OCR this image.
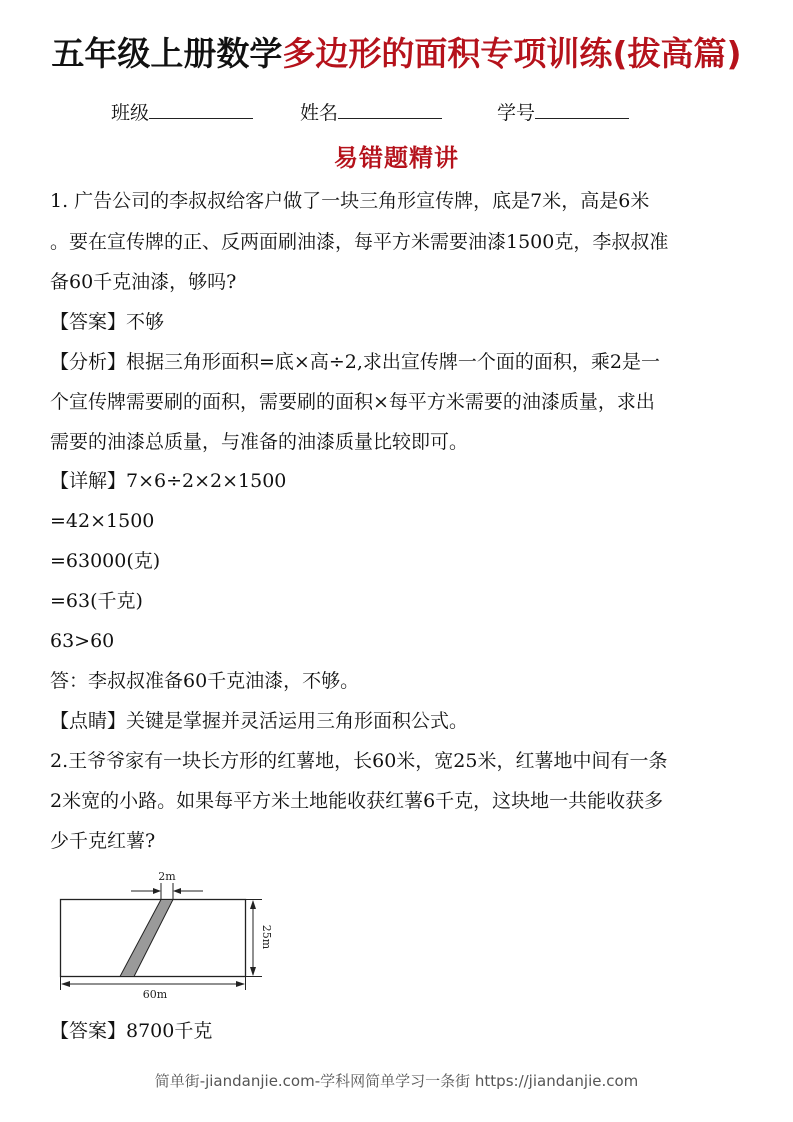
五年级上册数学多边形的面积专项训练(拔高篇)
班级	姓名	学号
易错题精讲
1. 广告公司的李叔叔给客户做了一块三角形宣传牌，底是7米，高是6米
。要在宣传牌的正、反两面刷油漆，每平方米需要油漆1500克，李叔叔准
备60千克油漆，够吗?
【答案】不够
【分析】根据三角形面积=底×高÷2,求出宣传牌一个面的面积，乘2是一
个宣传牌需要刷的面积，需要刷的面积×每平方米需要的油漆质量，求出
需要的油漆总质量，与准备的油漆质量比较即可。
【详解】7×6÷2×2×1500
=42×1500
=63000(克)
=63(千克)
63>60
答：李叔叔准备60千克油漆，不够。
【点睛】关键是掌握并灵活运用三角形面积公式。
2.王爷爷家有一块长方形的红薯地，长60米，宽25米，红薯地中间有一条
2米宽的小路。如果每平方米土地能收获红薯6千克，这块地一共能收获多
少千克红薯?
2m
25m
60m
【答案】8700千克
简单街-jiandanjie.com-学科网简单学习一条街 https://jiandanjie.com
